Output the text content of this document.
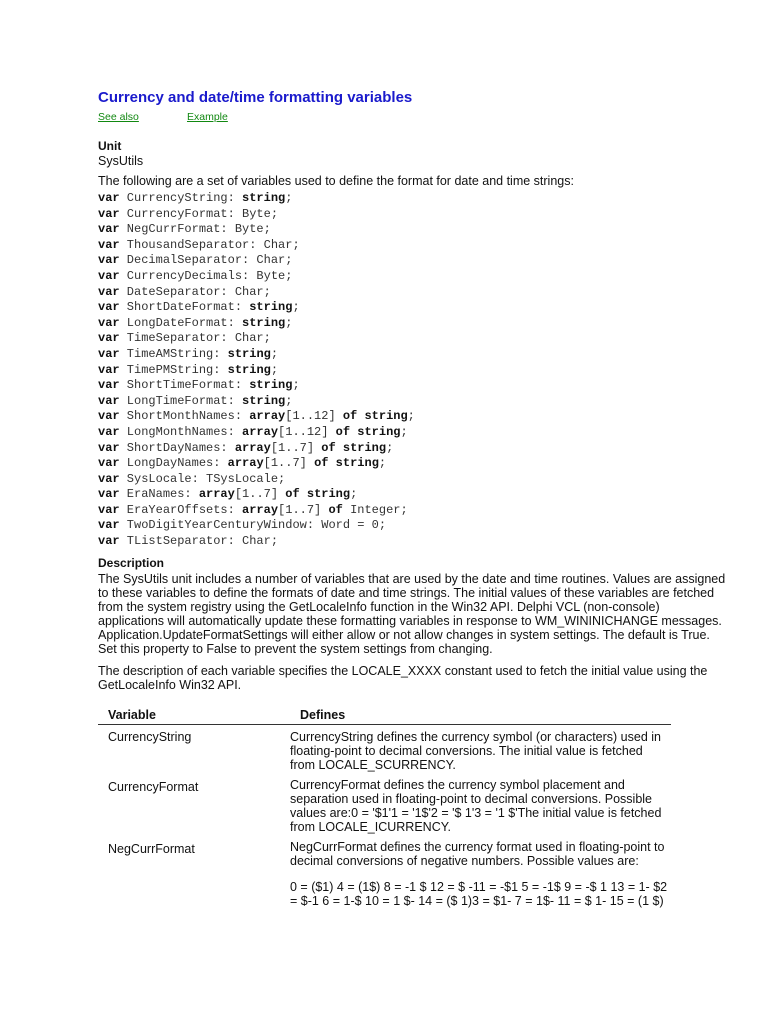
Currency and date/time formatting variables
See also	Example
Unit
SysUtils
The following are a set of variables used to define the format for date and time strings:
var CurrencyString: string;
var CurrencyFormat: Byte;
var NegCurrFormat: Byte;
var ThousandSeparator: Char;
var DecimalSeparator: Char;
var CurrencyDecimals: Byte;
var DateSeparator: Char;
var ShortDateFormat: string;
var LongDateFormat: string;
var TimeSeparator: Char;
var TimeAMString: string;
var TimePMString: string;
var ShortTimeFormat: string;
var LongTimeFormat: string;
var ShortMonthNames: array[1..12] of string;
var LongMonthNames: array[1..12] of string;
var ShortDayNames: array[1..7] of string;
var LongDayNames: array[1..7] of string;
var SysLocale: TSysLocale;
var EraNames: array[1..7] of string;
var EraYearOffsets: array[1..7] of Integer;
var TwoDigitYearCenturyWindow: Word = 0;
var TListSeparator: Char;
Description
The SysUtils unit includes a number of variables that are used by the date and time routines. Values are assigned to these variables to define the formats of date and time strings. The initial values of these variables are fetched from the system registry using the GetLocaleInfo function in the Win32 API. Delphi VCL (non-console) applications will automatically update these formatting variables in response to WM_WININICHANGE messages. Application.UpdateFormatSettings will either allow or not allow changes in system settings. The default is True. Set this property to False to prevent the system settings from changing.
The description of each variable specifies the LOCALE_XXXX constant used to fetch the initial value using the GetLocaleInfo Win32 API.
Variable	Defines
CurrencyString	CurrencyString defines the currency symbol (or characters) used in floating-point to decimal conversions. The initial value is fetched from LOCALE_SCURRENCY.
CurrencyFormat	CurrencyFormat defines the currency symbol placement and separation used in floating-point to decimal conversions. Possible values are:0 = '$1'1 = '1$'2 = '$ 1'3 = '1 $'The initial value is fetched from LOCALE_ICURRENCY.
NegCurrFormat	NegCurrFormat defines the currency format used in floating-point to decimal conversions of negative numbers. Possible values are:
0 = ($1) 4 = (1$) 8 = -1 $ 12 = $ -11 = -$1 5 = -1$ 9 = -$ 1 13 = 1- $2 = $-1 6 = 1-$ 10 = 1 $- 14 = ($ 1)3 = $1- 7 = 1$- 11 = $ 1- 15 = (1 $)
